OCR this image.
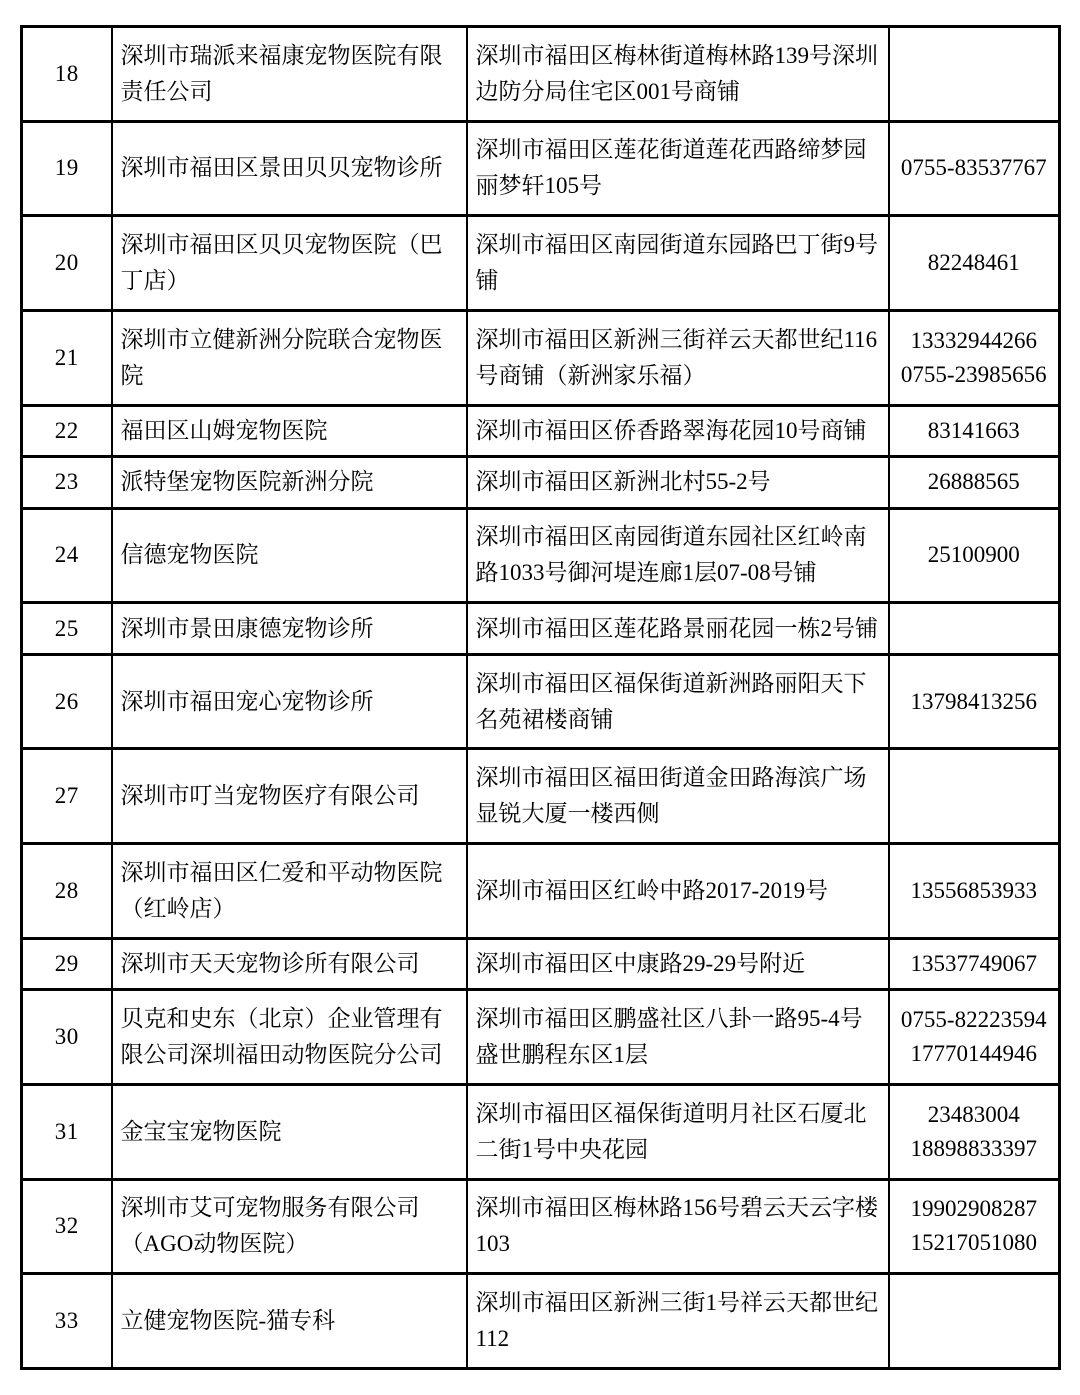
18	深圳市瑞派来福康宠物医院有限责任公司	深圳市福田区梅林街道梅林路139号深圳边防分局住宅区001号商铺	
19	深圳市福田区景田贝贝宠物诊所	深圳市福田区莲花街道莲花西路缔梦园丽梦轩105号	0755-83537767

20	深圳市福田区贝贝宠物医院（巴丁店）	深圳市福田区南园街道东园路巴丁街9号铺	82248461

21	深圳市立健新洲分院联合宠物医院	深圳市福田区新洲三街祥云天都世纪116号商铺（新洲家乐福）	13332944266
0755-23985656

22	福田区山姆宠物医院	深圳市福田区侨香路翠海花园10号商铺	83141663

23	派特堡宠物医院新洲分院	深圳市福田区新洲北村55-2号	26888565

24	信德宠物医院	深圳市福田区南园街道东园社区红岭南路1033号御河堤连廊1层07-08号铺	25100900

25	深圳市景田康德宠物诊所	深圳市福田区莲花路景丽花园一栋2号铺	
26	深圳市福田宠心宠物诊所	深圳市福田区福保街道新洲路丽阳天下名苑裙楼商铺	13798413256

27	深圳市叮当宠物医疗有限公司	深圳市福田区福田街道金田路海滨广场显锐大厦一楼西侧	
28	深圳市福田区仁爱和平动物医院（红岭店）	深圳市福田区红岭中路2017-2019号	13556853933

29	深圳市天天宠物诊所有限公司	深圳市福田区中康路29-29号附近	13537749067

30	贝克和史东（北京）企业管理有限公司深圳福田动物医院分公司	深圳市福田区鹏盛社区八卦一路95-4号盛世鹏程东区1层	0755-82223594
17770144946

31	金宝宝宠物医院	深圳市福田区福保街道明月社区石厦北二街1号中央花园	23483004
18898833397

32	深圳市艾可宠物服务有限公司（AGO动物医院）	深圳市福田区梅林路156号碧云天云字楼103	19902908287
15217051080

33	立健宠物医院-猫专科	深圳市福田区新洲三街1号祥云天都世纪112	
